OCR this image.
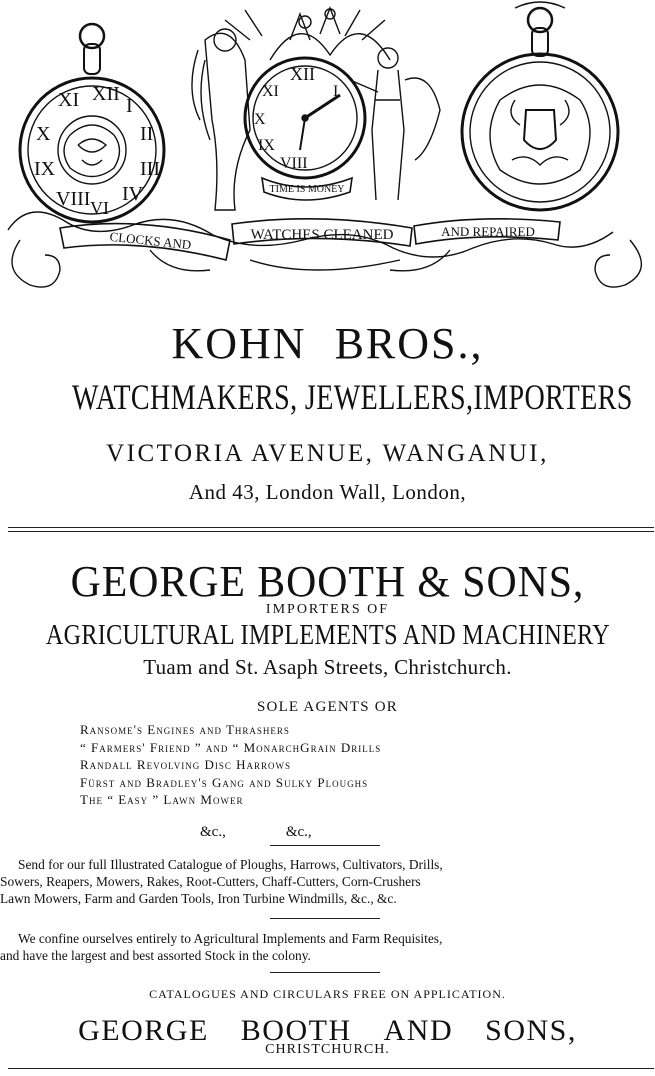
XI XII
I
X	II
IX	III
VIII IV
VI
XII
XI	I
X
IX
VIII
TIME IS MONEY
CLOCKS AND	WATCHES CLEANED	AND REPAIRED
KOHN BROS.,
WATCHMAKERS, JEWELLERS,IMPORTERS
VICTORIA AVENUE, WANGANUI,
And 43, London Wall, London,
GEORGE BOOTH & SONS,
IMPORTERS OF
AGRICULTURAL IMPLEMENTS AND MACHINERY
Tuam and St. Asaph Streets, Christchurch.
SOLE AGENTS OR
Ransome's Engines and Thrashers
“ Farmers' Friend ” and “ MonarchGrain Drills
Randall Revolving Disc Harrows
Fürst and Bradley's Gang and Sulky Ploughs
The “ Easy ” Lawn Mower
&c.,	&c.,
Send for our full Illustrated Catalogue of Ploughs, Harrows, Cultivators, Drills,
Sowers, Reapers, Mowers, Rakes, Root-Cutters, Chaff-Cutters, Corn-Crushers
Lawn Mowers, Farm and Garden Tools, Iron Turbine Windmills, &c., &c.
We confine ourselves entirely to Agricultural Implements and Farm Requisites,
and have the largest and best assorted Stock in the colony.
CATALOGUES AND CIRCULARS FREE ON APPLICATION.
GEORGE BOOTH AND SONS,
CHRISTCHURCH.
